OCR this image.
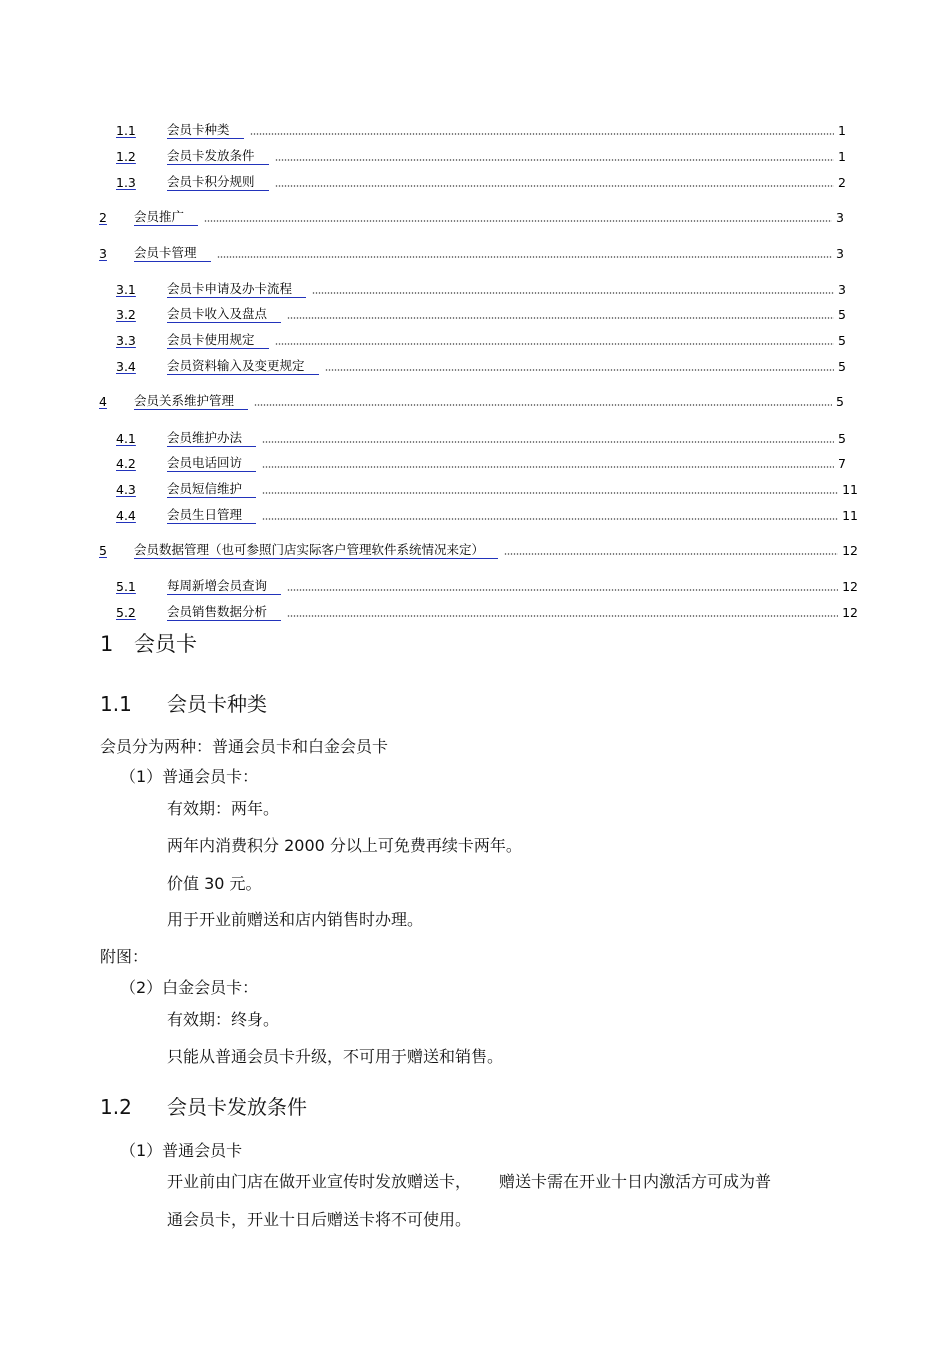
1.1 会员卡种类	1
1.2 会员卡发放条件	1
1.3 会员卡积分规则	2
2 会员推广	3
3 会员卡管理	3
3.1 会员卡申请及办卡流程	3
3.2 会员卡收入及盘点	5
3.3 会员卡使用规定	5
3.4 会员资料输入及变更规定	5
4 会员关系维护管理	5
4.1 会员维护办法	5
4.2 会员电话回访	7
4.3 会员短信维护	11
4.4 会员生日管理	11
5 会员数据管理（也可参照门店实际客户管理软件系统情况来定）	12
5.1 每周新增会员查询	12
5.2 会员销售数据分析	12
1 会员卡
1.1 会员卡种类
会员分为两种：普通会员卡和白金会员卡
（1）普通会员卡：
有效期：两年。
两年内消费积分 2000 分以上可免费再续卡两年。
价值 30 元。
用于开业前赠送和店内销售时办理。
附图：
（2）白金会员卡：
有效期：终身。
只能从普通会员卡升级，不可用于赠送和销售。
1.2 会员卡发放条件
（1）普通会员卡
开业前由门店在做开业宣传时发放赠送卡， 赠送卡需在开业十日内激活方可成为普
通会员卡，开业十日后赠送卡将不可使用。
